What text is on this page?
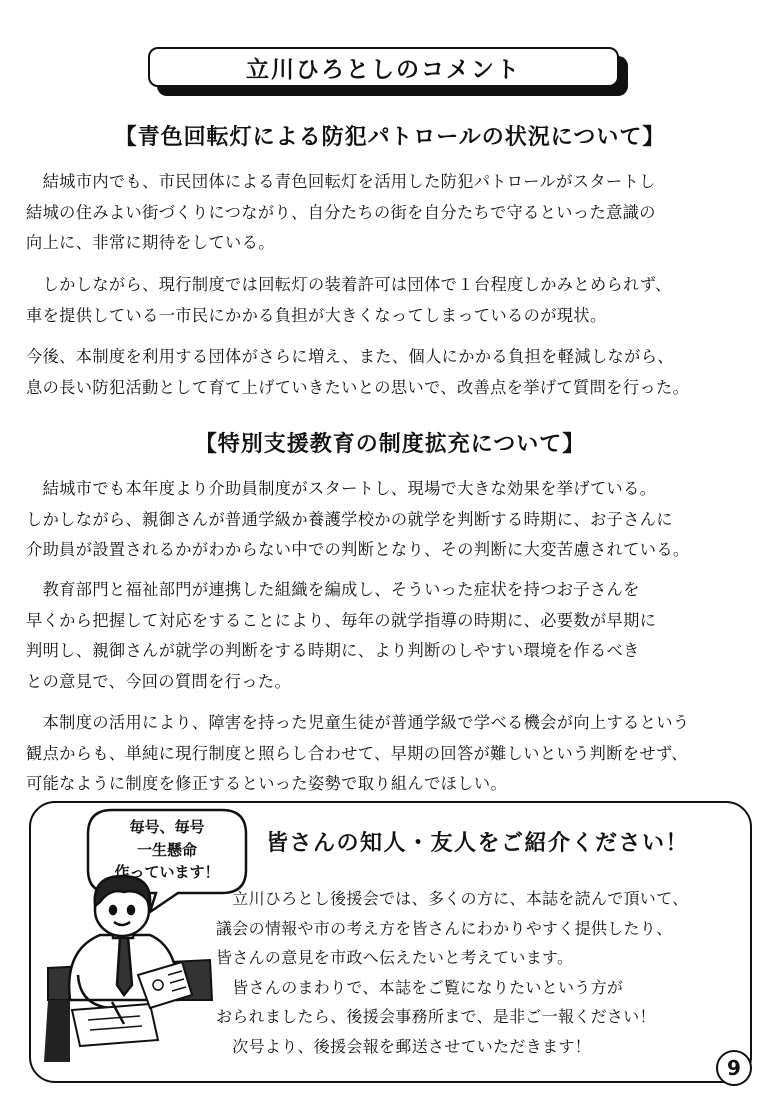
立川ひろとしのコメント
【青色回転灯による防犯パトロールの状況について】

　結城市内でも、市民団体による青色回転灯を活用した防犯パトロールがスタートし
結城の住みよい街づくりにつながり、自分たちの街を自分たちで守るといった意識の
向上に、非常に期待をしている。

　しかしながら、現行制度では回転灯の装着許可は団体で１台程度しかみとめられず、
車を提供している一市民にかかる負担が大きくなってしまっているのが現状。

今後、本制度を利用する団体がさらに増え、また、個人にかかる負担を軽減しながら、
息の長い防犯活動として育て上げていきたいとの思いで、改善点を挙げて質問を行った。

【特別支援教育の制度拡充について】

　結城市でも本年度より介助員制度がスタートし、現場で大きな効果を挙げている。
しかしながら、親御さんが普通学級か養護学校かの就学を判断する時期に、お子さんに
介助員が設置されるかがわからない中での判断となり、その判断に大変苦慮されている。

　教育部門と福祉部門が連携した組織を編成し、そういった症状を持つお子さんを
早くから把握して対応をすることにより、毎年の就学指導の時期に、必要数が早期に
判明し、親御さんが就学の判断をする時期に、より判断のしやすい環境を作るべき
との意見で、今回の質問を行った。

　本制度の活用により、障害を持った児童生徒が普通学級で学べる機会が向上するという
観点からも、単純に現行制度と照らし合わせて、早期の回答が難しいという判断をせず、
可能なように制度を修正するといった姿勢で取り組んでほしい。

毎号、毎号
一生懸命
作っています！
皆さんの知人・友人をご紹介ください！

　立川ひろとし後援会では、多くの方に、本誌を読んで頂いて、
議会の情報や市の考え方を皆さんにわかりやすく提供したり、
皆さんの意見を市政へ伝えたいと考えています。
　皆さんのまわりで、本誌をご覧になりたいという方が
おられましたら、後援会事務所まで、是非ご一報ください！
　次号より、後援会報を郵送させていただきます！

9
